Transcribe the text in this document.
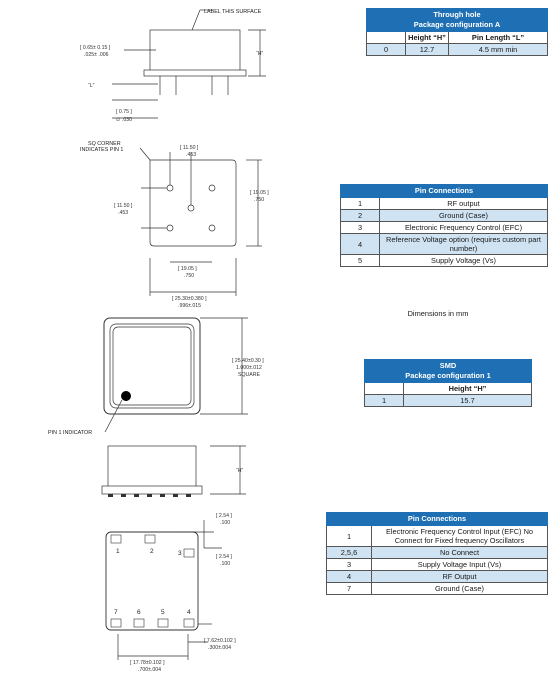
LABEL THIS SURFACE
“H”
“L”
[ 0.65± 0.15 ]
.025± .006
[ 0.75 ]
∅ .030
SQ CORNER
INDICATES PIN 1	[ 11.50 ]
.453
[ 11.50 ]
.453
[ 19.05 ]
.750
[ 19.05 ]
.750
[ 25.30±0.380 ]
.996±.015
[ 25.40±0.30 ]
1.000±.012
SQUARE
PIN 1 INDICATOR
“H”
[ 2.54 ]
.100
[ 2.54 ]
.100
[ 7.62±0.102 ]
.300±.004
[ 17.78±0.102 ]
.700±.004
1	2	3
7	6	5	4
Through hole
Package configuration A		
	Height “H”	Pin Length “L”
0	12.7	4.5 mm min
Pin Connections	
1	RF output
2	Ground (Case)
3	Electronic Frequency Control (EFC)
4	Reference Voltage option (requires custom part number)
5	Supply Voltage (Vs)
Dimensions in mm
SMD
Package configuration 1	
	Height “H”
1	15.7
Pin Connections	
1	Electronic Frequency Control Input (EFC) No Connect for Fixed frequency Oscillators
2,5,6	No Connect
3	Supply Voltage Input (Vs)
4	RF Output
7	Ground (Case)
